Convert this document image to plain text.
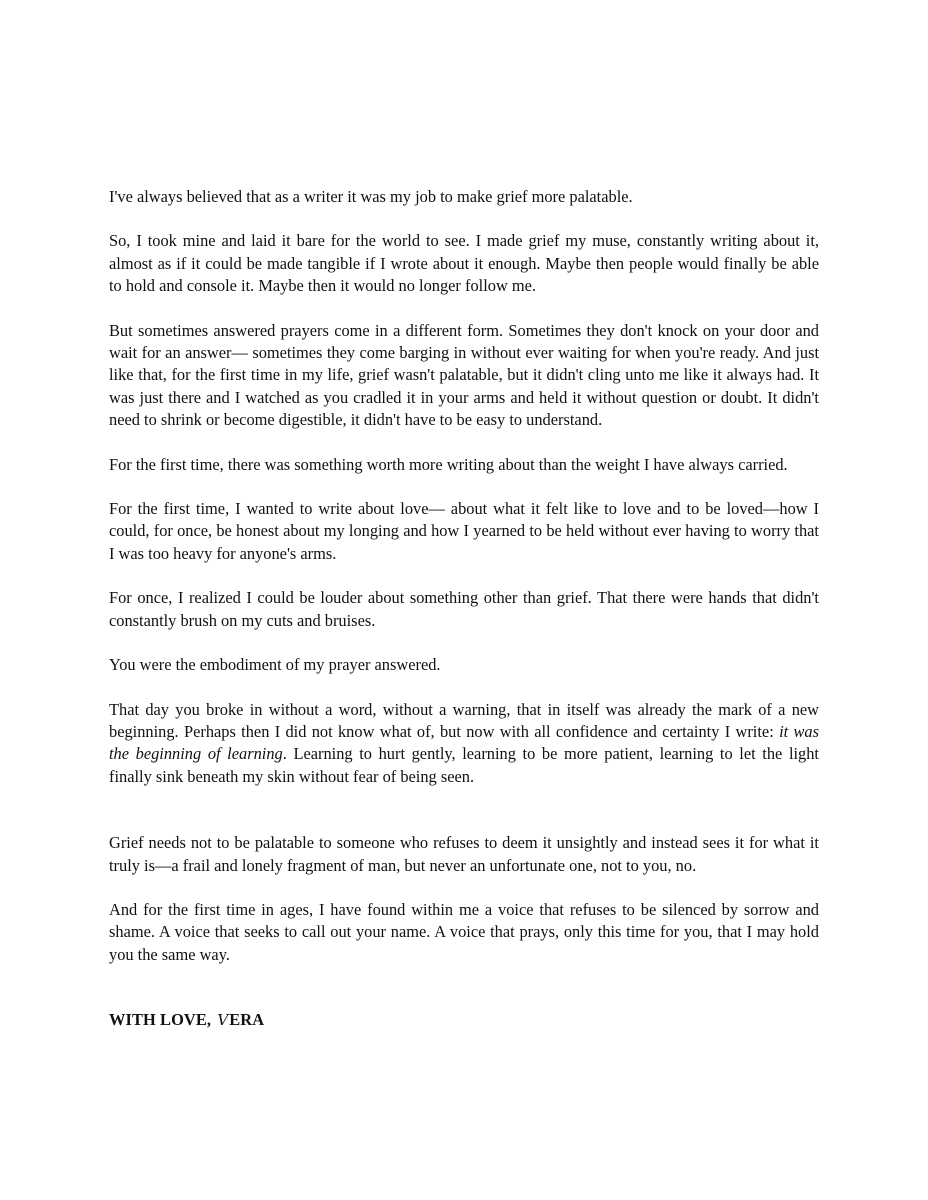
I've always believed that as a writer it was my job to make grief more palatable.

So, I took mine and laid it bare for the world to see. I made grief my muse, constantly writing about it, almost as if it could be made tangible if I wrote about it enough. Maybe then people would finally be able to hold and console it. Maybe then it would no longer follow me.

But sometimes answered prayers come in a different form. Sometimes they don't knock on your door and wait for an answer— sometimes they come barging in without ever waiting for when you're ready. And just like that, for the first time in my life, grief wasn't palatable, but it didn't cling unto me like it always had. It was just there and I watched as you cradled it in your arms and held it without question or doubt. It didn't need to shrink or become digestible, it didn't have to be easy to understand.

For the first time, there was something worth more writing about than the weight I have always carried.

For the first time, I wanted to write about love— about what it felt like to love and to be loved—how I could, for once, be honest about my longing and how I yearned to be held without ever having to worry that I was too heavy for anyone's arms.

For once, I realized I could be louder about something other than grief. That there were hands that didn't constantly brush on my cuts and bruises.

You were the embodiment of my prayer answered.

That day you broke in without a word, without a warning, that in itself was already the mark of a new beginning. Perhaps then I did not know what of, but now with all confidence and certainty I write: it was the beginning of learning. Learning to hurt gently, learning to be more patient, learning to let the light finally sink beneath my skin without fear of being seen.

Grief needs not to be palatable to someone who refuses to deem it unsightly and instead sees it for what it truly is—a frail and lonely fragment of man, but never an unfortunate one, not to you, no.

And for the first time in ages, I have found within me a voice that refuses to be silenced by sorrow and shame. A voice that seeks to call out your name. A voice that prays, only this time for you, that I may hold you the same way.

WITH LOVE, VERA
